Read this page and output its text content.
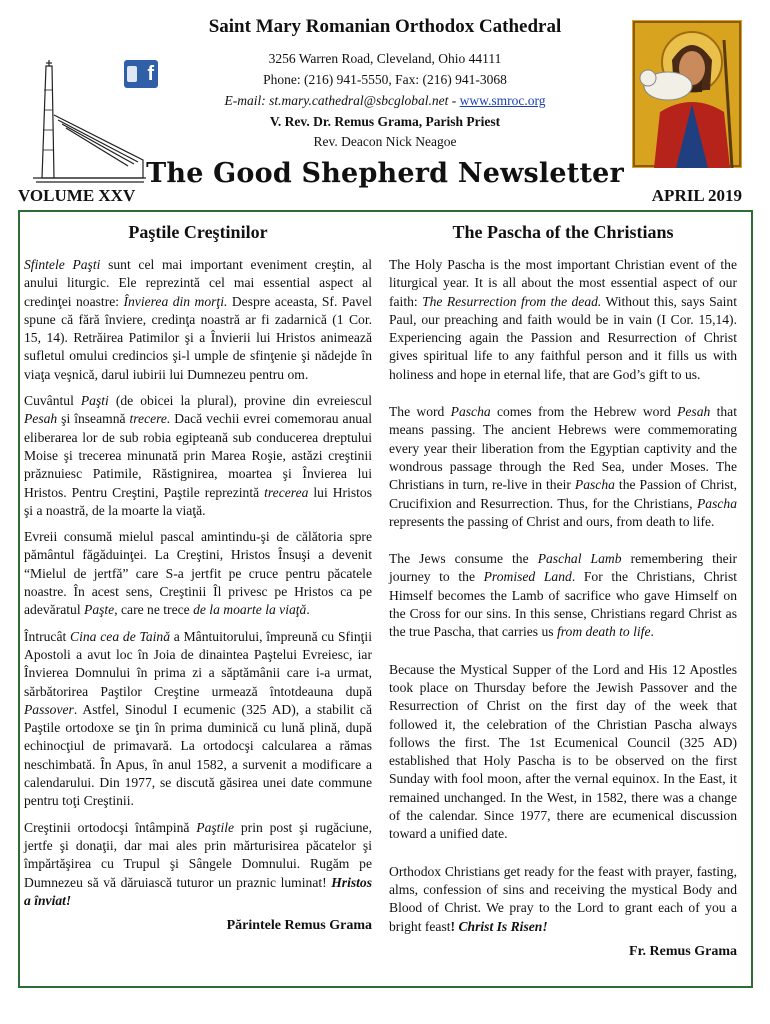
Saint Mary Romanian Orthodox Cathedral
3256 Warren Road, Cleveland, Ohio 44111
Phone: (216) 941-5550, Fax: (216) 941-3068
E-mail: st.mary.cathedral@sbcglobal.net - www.smroc.org
V. Rev. Dr. Remus Grama, Parish Priest
Rev. Deacon Nick Neagoe
f
The Good Shepherd Newsletter
VOLUME XXV	APRIL 2019
Paştile Creştinilor

Sfintele Paşti sunt cel mai important eveniment creştin, al anului liturgic. Ele reprezintă cel mai essential aspect al credinţei noastre: Învierea din morţi. Despre aceasta, Sf. Pavel spune că fără înviere, credinţa noastră ar fi zadarnică (1 Cor. 15, 14). Retrăirea Patimilor şi a Învierii lui Hristos animează sufletul omului credincios şi-l umple de sfinţenie şi nădejde în viaţa veşnică, darul iubirii lui Dumnezeu pentru om.

Cuvântul Paşti (de obicei la plural), provine din evreiescul Pesah şi înseamnă trecere. Dacă vechii evrei comemorau anual eliberarea lor de sub robia egipteană sub conducerea dreptului Moise şi trecerea minunată prin Marea Roşie, astăzi creştinii prăznuiesc Patimile, Răstignirea, moartea şi Învierea lui Hristos. Pentru Creştini, Paştile reprezintă trecerea lui Hristos şi a noastră, de la moarte la viaţă.

Evreii consumă mielul pascal amintindu-şi de călătoria spre pământul făgăduinţei. La Creştini, Hristos Însuşi a devenit “Mielul de jertfă” care S-a jertfit pe cruce pentru păcatele noastre. În acest sens, Creştinii Îl privesc pe Hristos ca pe adevăratul Paşte, care ne trece de la moarte la viaţă.

Întrucât Cina cea de Taină a Mântuitorului, împreună cu Sfinţii Apostoli a avut loc în Joia de dinaintea Paştelui Evreiesc, iar Învierea Domnului în prima zi a săptămânii care i-a urmat, sărbătorirea Paştilor Creştine urmează întotdeauna după Passover. Astfel, Sinodul I ecumenic (325 AD), a stabilit că Paştile ortodoxe se ţin în prima duminică cu lună plină, după echinocţiul de primavară. La ortodocşi calcularea a rămas neschimbată. În Apus, în anul 1582, a survenit a modificare a calendarului. Din 1977, se discută găsirea unei date commune pentru toţi Creştinii.

Creştinii ortodocşi întâmpină Paştile prin post şi rugăciune, jertfe şi donaţii, dar mai ales prin mărturisirea păcatelor şi împărtăşirea cu Trupul şi Sângele Domnului. Rugăm pe Dumnezeu să vă dăruiască tuturor un praznic luminat! Hristos a înviat!

Părintele Remus Grama
The Pascha of the Christians

The Holy Pascha is the most important Christian event of the liturgical year. It is all about the most essential aspect of our faith: The Resurrection from the dead. Without this, says Saint Paul, our preaching and faith would be in vain (I Cor. 15,14). Experiencing again the Passion and Resurrection of Christ gives spiritual life to any faithful person and it fills us with holiness and hope in eternal life, that are God’s gift to us.

The word Pascha comes from the Hebrew word Pesah that means passing. The ancient Hebrews were commemorating every year their liberation from the Egyptian captivity and the wondrous passage through the Red Sea, under Moses. The Christians in turn, re-live in their Pascha the Passion of Christ, Crucifixion and Resurrection. Thus, for the Christians, Pascha represents the passing of Christ and ours, from death to life.

The Jews consume the Paschal Lamb remembering their journey to the Promised Land. For the Christians, Christ Himself becomes the Lamb of sacrifice who gave Himself on the Cross for our sins. In this sense, Christians regard Christ as the true Pascha, that carries us from death to life.

Because the Mystical Supper of the Lord and His 12 Apostles took place on Thursday before the Jewish Passover and the Resurrection of Christ on the first day of the week that followed it, the celebration of the Christian Pascha always follows the first. The 1st Ecumenical Council (325 AD) established that Holy Pascha is to be observed on the first Sunday with fool moon, after the vernal equinox. In the East, it remained unchanged. In the West, in 1582, there was a change of the calendar. Since 1977, there are ecumenical discussion toward a unified date.

Orthodox Christians get ready for the feast with prayer, fasting, alms, confession of sins and receiving the mystical Body and Blood of Christ. We pray to the Lord to grant each of you a bright feast! Christ Is Risen!

Fr. Remus Grama
